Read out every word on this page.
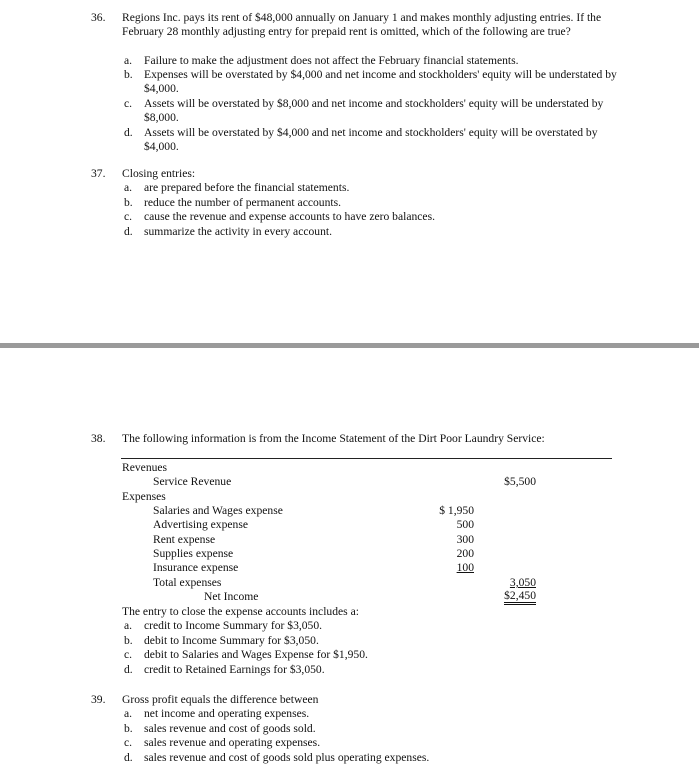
36. Regions Inc. pays its rent of $48,000 annually on January 1 and makes monthly adjusting entries. If the February 28 monthly adjusting entry for prepaid rent is omitted, which of the following are true?
a. Failure to make the adjustment does not affect the February financial statements.
b. Expenses will be overstated by $4,000 and net income and stockholders' equity will be understated by $4,000.
c. Assets will be overstated by $8,000 and net income and stockholders' equity will be understated by $8,000.
d. Assets will be overstated by $4,000 and net income and stockholders' equity will be overstated by $4,000.
37. Closing entries:
a. are prepared before the financial statements.
b. reduce the number of permanent accounts.
c. cause the revenue and expense accounts to have zero balances.
d. summarize the activity in every account.
38. The following information is from the Income Statement of the Dirt Poor Laundry Service:
Revenues
Service Revenue	$5,500
Expenses
Salaries and Wages expense	$ 1,950
Advertising expense	500
Rent expense	300
Supplies expense	200
Insurance expense	100
Total expenses	3,050
Net Income	$2,450
The entry to close the expense accounts includes a:
a. credit to Income Summary for $3,050.
b. debit to Income Summary for $3,050.
c. debit to Salaries and Wages Expense for $1,950.
d. credit to Retained Earnings for $3,050.
39. Gross profit equals the difference between
a. net income and operating expenses.
b. sales revenue and cost of goods sold.
c. sales revenue and operating expenses.
d. sales revenue and cost of goods sold plus operating expenses.
